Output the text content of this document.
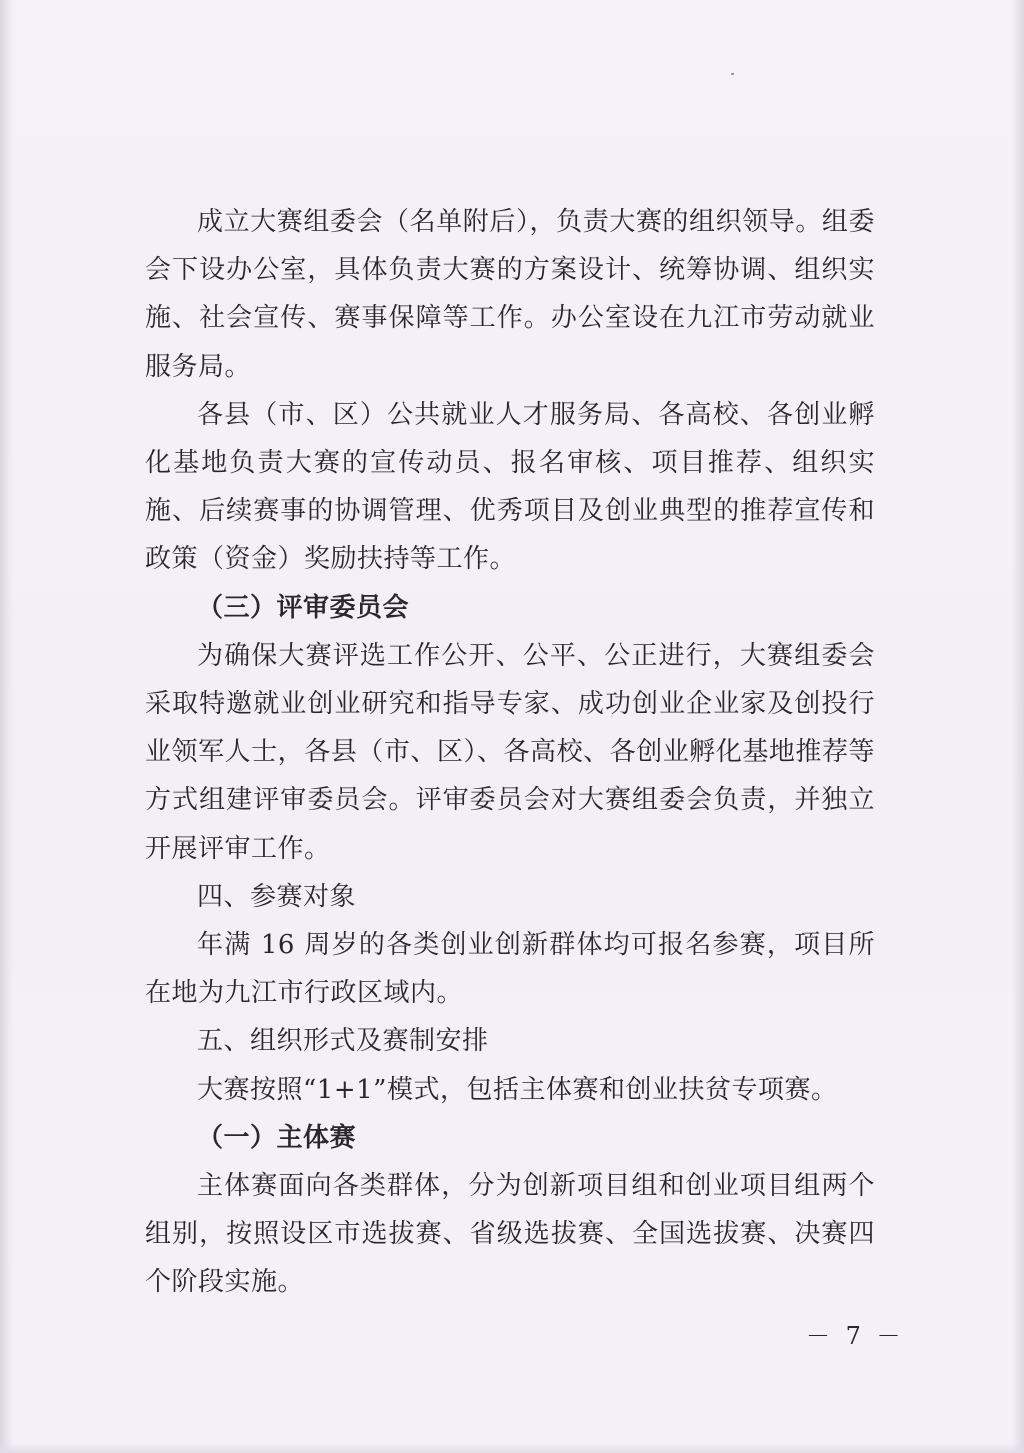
成立大赛组委会（名单附后），负责大赛的组织领导。组委会下设办公室，具体负责大赛的方案设计、统筹协调、组织实施、社会宣传、赛事保障等工作。办公室设在九江市劳动就业服务局。

各县（市、区）公共就业人才服务局、各高校、各创业孵化基地负责大赛的宣传动员、报名审核、项目推荐、组织实施、后续赛事的协调管理、优秀项目及创业典型的推荐宣传和政策（资金）奖励扶持等工作。

（三）评审委员会

为确保大赛评选工作公开、公平、公正进行，大赛组委会采取特邀就业创业研究和指导专家、成功创业企业家及创投行业领军人士，各县（市、区）、各高校、各创业孵化基地推荐等方式组建评审委员会。评审委员会对大赛组委会负责，并独立开展评审工作。

四、参赛对象

年满 16 周岁的各类创业创新群体均可报名参赛，项目所在地为九江市行政区域内。

五、组织形式及赛制安排

大赛按照“1+1”模式，包括主体赛和创业扶贫专项赛。

（一）主体赛

主体赛面向各类群体，分为创新项目组和创业项目组两个组别，按照设区市选拔赛、省级选拔赛、全国选拔赛、决赛四个阶段实施。

－ 7 －
